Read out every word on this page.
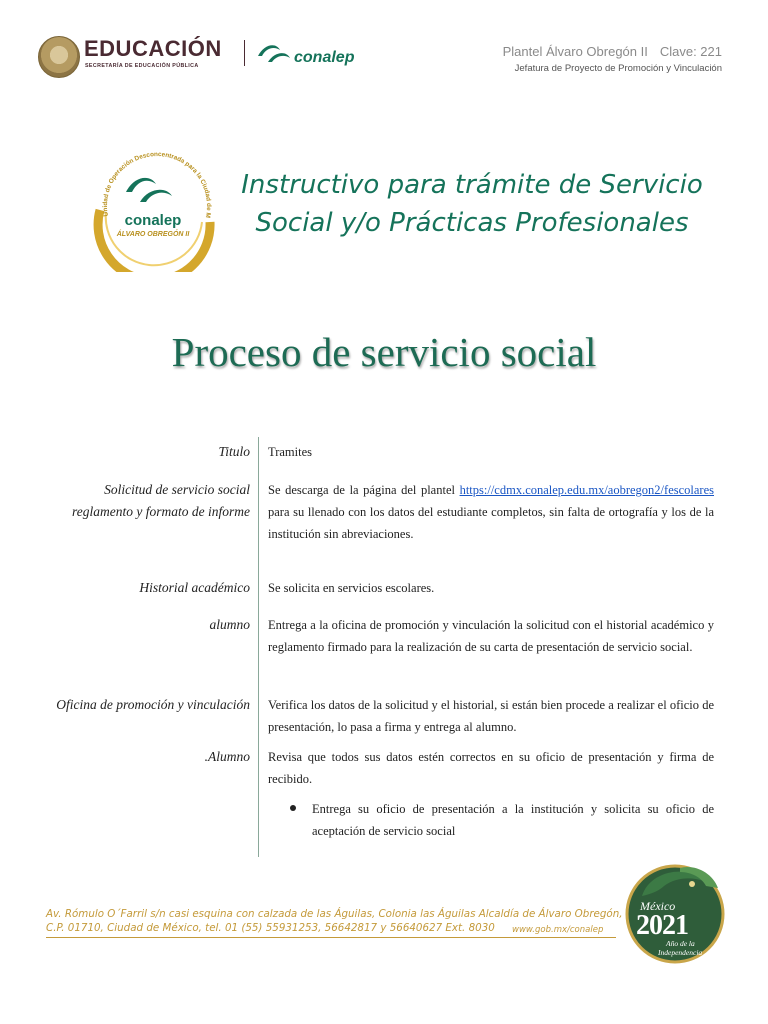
EDUCACIÓN
SECRETARÍA DE EDUCACIÓN PÚBLICA	conalep	Plantel Álvaro Obregón II Clave: 221
Jefatura de Proyecto de Promoción y Vinculación
Unidad de Operación Desconcentrada para la Ciudad de M
conalep
ÁLVARO OBREGÓN II
Instructivo para trámite de Servicio
Social y/o Prácticas Profesionales
Proceso de servicio social
Titulo Tramites
Solicitud de servicio social
reglamento y formato de informe
Se descarga de la página del plantel https://cdmx.conalep.edu.mx/aobregon2/fescolares para su llenado con los datos del estudiante completos, sin falta de ortografía y los de la institución sin abreviaciones.
Historial académico Se solicita en servicios escolares.
alumno Entrega a la oficina de promoción y vinculación la solicitud con el historial académico y reglamento firmado para la realización de su carta de presentación de servicio social.
Oficina de promoción y vinculación Verifica los datos de la solicitud y el historial, si están bien procede a realizar el oficio de presentación, lo pasa a firma y entrega al alumno.
.Alumno Revisa que todos sus datos estén correctos en su oficio de presentación y firma de recibido.
Entrega su oficio de presentación a la institución y solicita su oficio de aceptación de servicio social
Av. Rómulo O´Farril s/n casi esquina con calzada de las Águilas, Colonia las Águilas Alcaldía de Álvaro Obregón,
C.P. 01710, Ciudad de México, tel. 01 (55) 55931253, 56642817 y 56640627 Ext. 8030 www.gob.mx/conalep
México
2021
Año de la
Independencia
